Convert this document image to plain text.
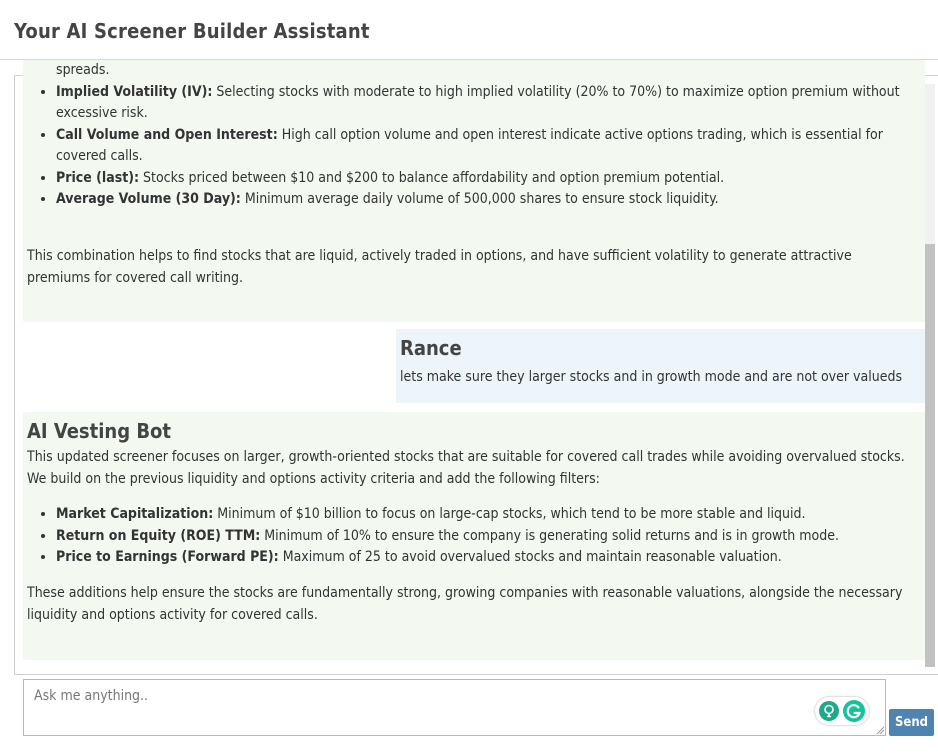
Your AI Screener Builder Assistant
spreads.
• Implied Volatility (IV): Selecting stocks with moderate to high implied volatility (20% to 70%) to maximize option premium without excessive risk.
• Call Volume and Open Interest: High call option volume and open interest indicate active options trading, which is essential for covered calls.
• Price (last): Stocks priced between $10 and $200 to balance affordability and option premium potential.
• Average Volume (30 Day): Minimum average daily volume of 500,000 shares to ensure stock liquidity.

This combination helps to find stocks that are liquid, actively traded in options, and have sufficient volatility to generate attractive premiums for covered call writing.

Rance

lets make sure they larger stocks and in growth mode and are not over valueds

AI Vesting Bot

This updated screener focuses on larger, growth-oriented stocks that are suitable for covered call trades while avoiding overvalued stocks. We build on the previous liquidity and options activity criteria and add the following filters:

• Market Capitalization: Minimum of $10 billion to focus on large-cap stocks, which tend to be more stable and liquid.
• Return on Equity (ROE) TTM: Minimum of 10% to ensure the company is generating solid returns and is in growth mode.
• Price to Earnings (Forward PE): Maximum of 25 to avoid overvalued stocks and maintain reasonable valuation.

These additions help ensure the stocks are fundamentally strong, growing companies with reasonable valuations, alongside the necessary liquidity and options activity for covered calls.

Ask me anything..
Send
